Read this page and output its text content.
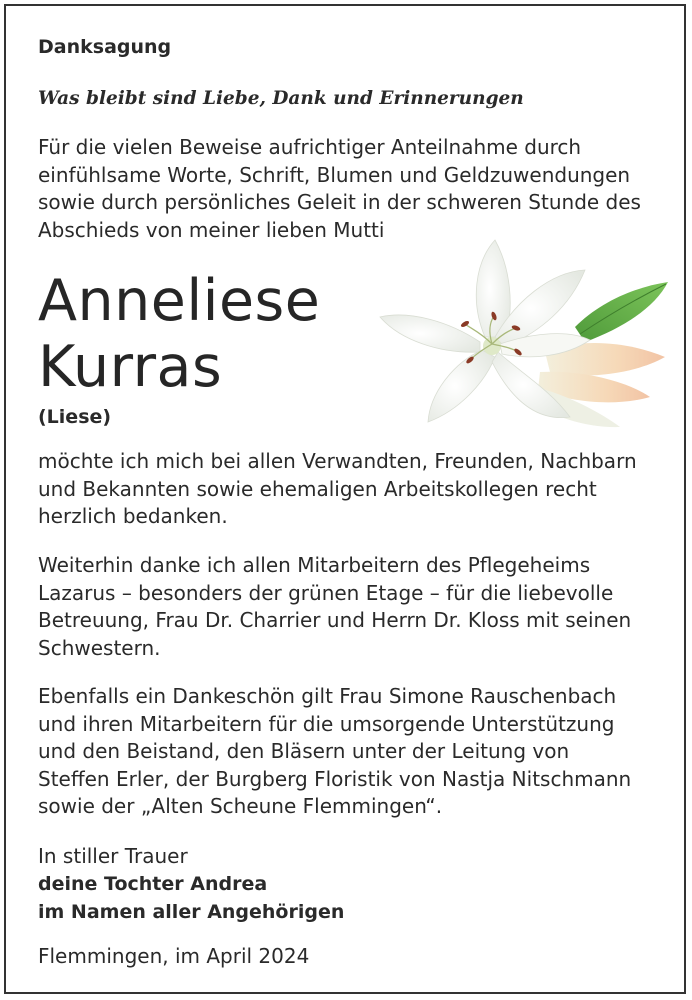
Danksagung
Was bleibt sind Liebe, Dank und Erinnerungen
Für die vielen Beweise aufrichtiger Anteilnahme durch
einfühlsame Worte, Schrift, Blumen und Geldzuwendungen
sowie durch persönliches Geleit in der schweren Stunde des
Abschieds von meiner lieben Mutti
Anneliese
Kurras
(Liese)
möchte ich mich bei allen Verwandten, Freunden, Nachbarn
und Bekannten sowie ehemaligen Arbeitskollegen recht
herzlich bedanken.
Weiterhin danke ich allen Mitarbeitern des Pflegeheims
Lazarus – besonders der grünen Etage – für die liebevolle
Betreuung, Frau Dr. Charrier und Herrn Dr. Kloss mit seinen
Schwestern.
Ebenfalls ein Dankeschön gilt Frau Simone Rauschenbach
und ihren Mitarbeitern für die umsorgende Unterstützung
und den Beistand, den Bläsern unter der Leitung von
Steffen Erler, der Burgberg Floristik von Nastja Nitschmann
sowie der „Alten Scheune Flemmingen“.
In stiller Trauer
deine Tochter Andrea
im Namen aller Angehörigen
Flemmingen, im April 2024
